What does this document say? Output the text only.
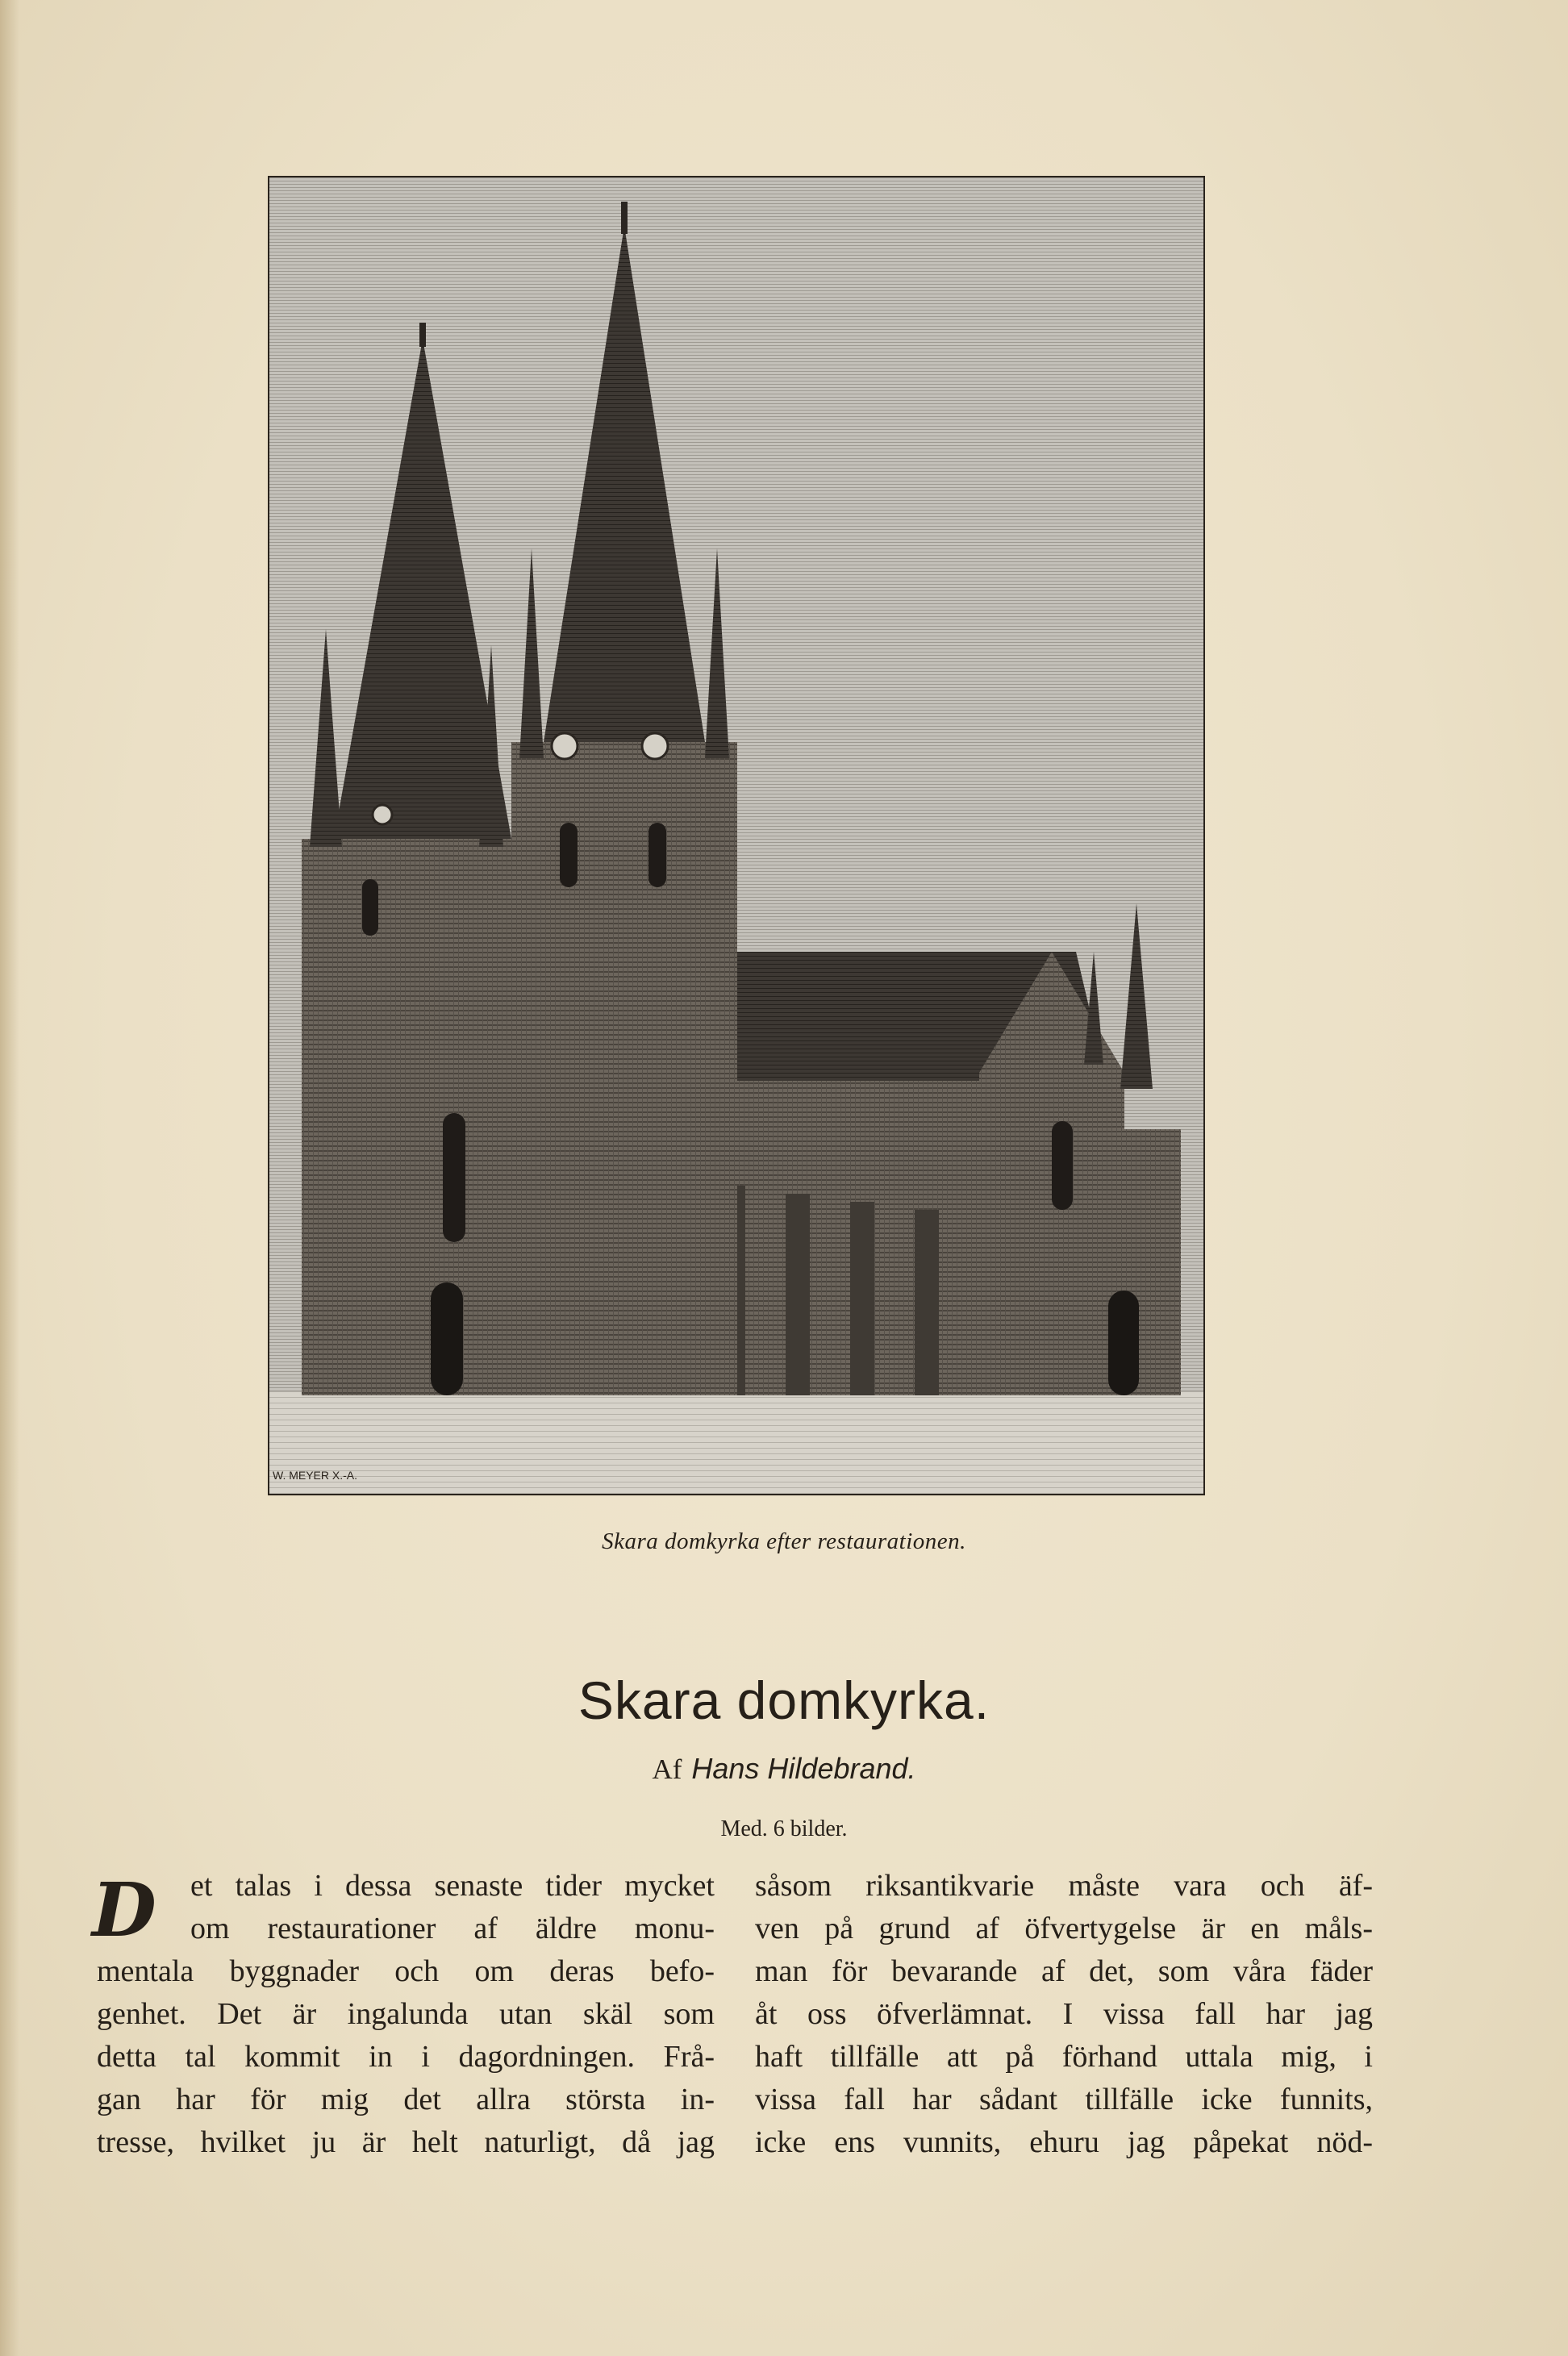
W. MEYER X.-A.
Skara domkyrka efter restaurationen.
Skara domkyrka.
Af Hans Hildebrand.
Med. 6 bilder.
D	et talas i dessa senaste tider mycket
om restaurationer af äldre monu-
mentala byggnader och om deras befo-
genhet. Det är ingalunda utan skäl som
detta tal kommit in i dagordningen. Frå-
gan har för mig det allra största in-
tresse, hvilket ju är helt naturligt, då jag
såsom riksantikvarie måste vara och äf-
ven på grund af öfvertygelse är en måls-
man för bevarande af det, som våra fäder
åt oss öfverlämnat. I vissa fall har jag
haft tillfälle att på förhand uttala mig, i
vissa fall har sådant tillfälle icke funnits,
icke ens vunnits, ehuru jag påpekat nöd-
